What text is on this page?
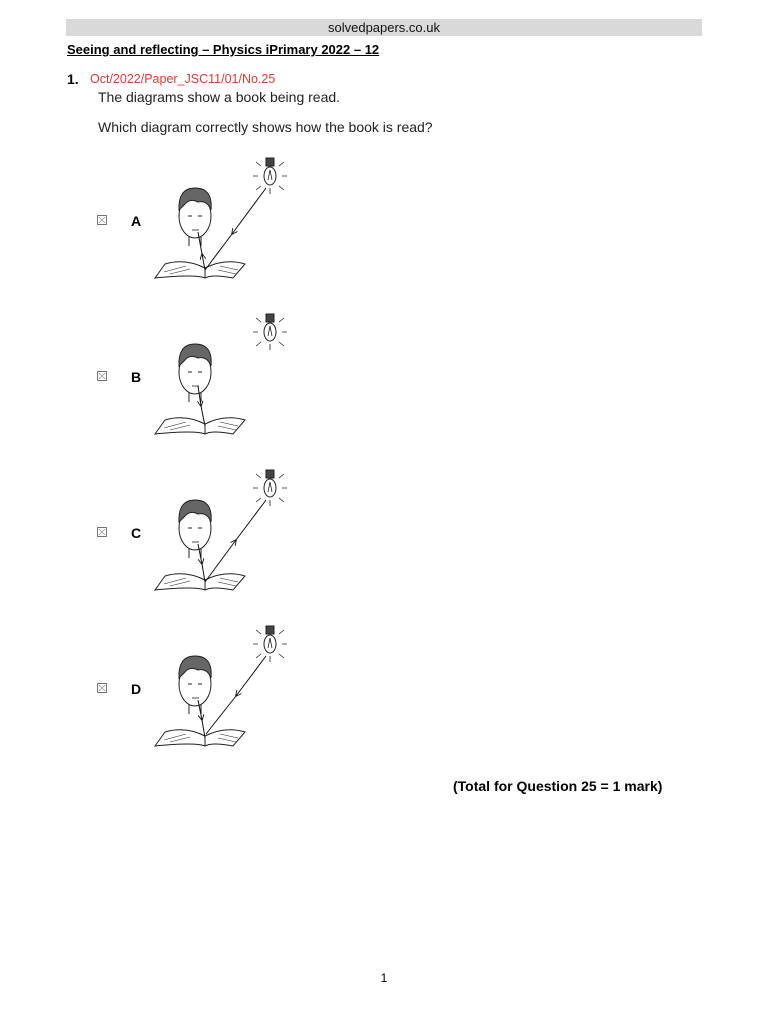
solvedpapers.co.uk
Seeing and reflecting – Physics iPrimary 2022 – 12
1. Oct/2022/Paper_JSC11/01/No.25
The diagrams show a book being read.
Which diagram correctly shows how the book is read?
A
B
C
D
(Total for Question 25 = 1 mark)
1
